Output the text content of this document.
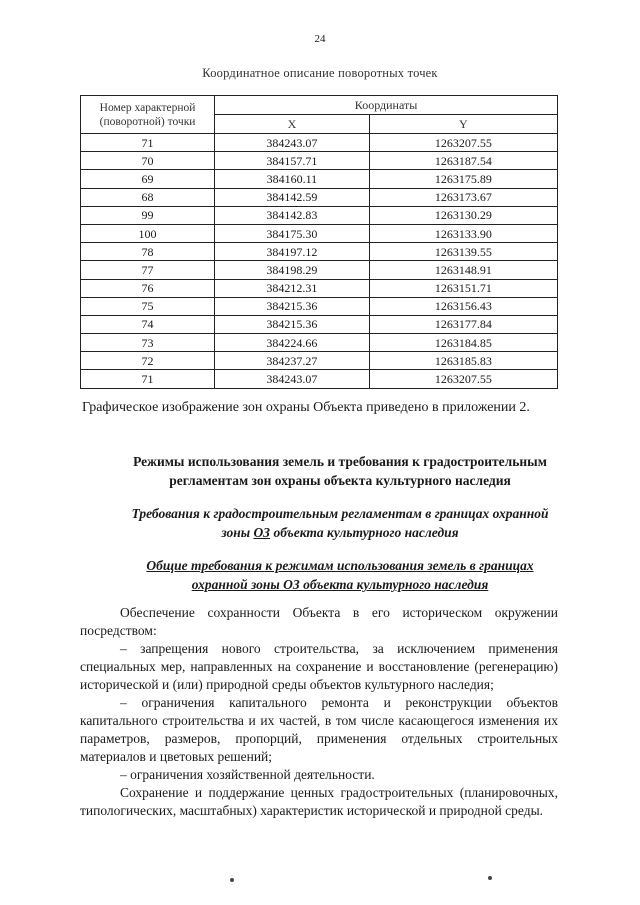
24
Координатное описание поворотных точек
Номер характерной (поворотной) точки	Координаты	
	X	Y
71	384243.07	1263207.55
70	384157.71	1263187.54
69	384160.11	1263175.89
68	384142.59	1263173.67
99	384142.83	1263130.29
100	384175.30	1263133.90
78	384197.12	1263139.55
77	384198.29	1263148.91
76	384212.31	1263151.71
75	384215.36	1263156.43
74	384215.36	1263177.84
73	384224.66	1263184.85
72	384237.27	1263185.83
71	384243.07	1263207.55
Графическое изображение зон охраны Объекта приведено в приложении 2.
Режимы использования земель и требования к градостроительным
регламентам зон охраны объекта культурного наследия
Требования к градостроительным регламентам в границах охранной
зоны ОЗ объекта культурного наследия
Общие требования к режимам использования земель в границах
охранной зоны ОЗ объекта культурного наследия

Обеспечение сохранности Объекта в его историческом окружении посредством:

– запрещения нового строительства, за исключением применения специальных мер, направленных на сохранение и восстановление (регенерацию) исторической и (или) природной среды объектов культурного наследия;

– ограничения капитального ремонта и реконструкции объектов капитального строительства и их частей, в том числе касающегося изменения их параметров, размеров, пропорций, применения отдельных строительных материалов и цветовых решений;

– ограничения хозяйственной деятельности.

Сохранение и поддержание ценных градостроительных (планировочных, типологических, масштабных) характеристик исторической и природной среды.
